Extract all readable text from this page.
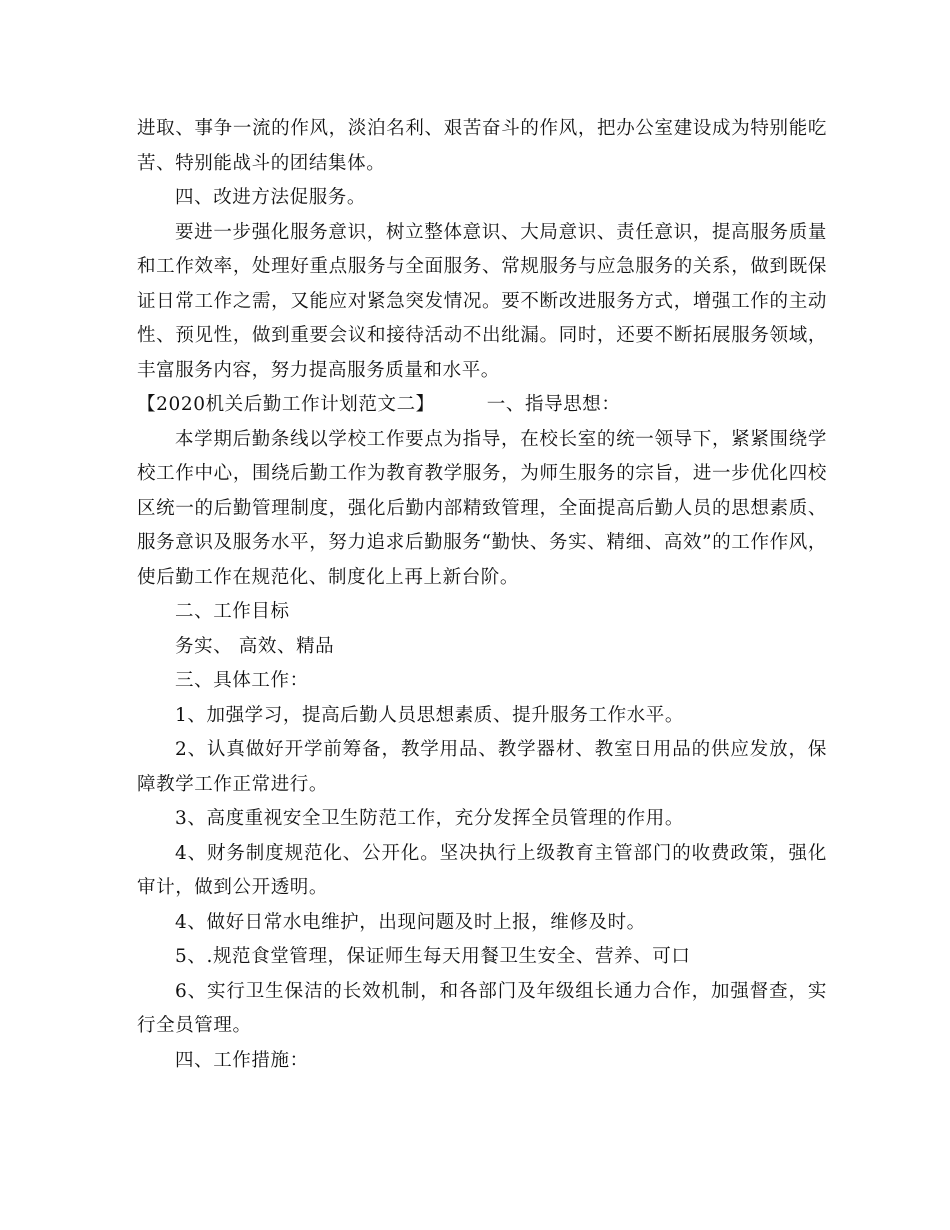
进取、事争一流的作风，淡泊名利、艰苦奋斗的作风，把办公室建设成为特别能吃
苦、特别能战斗的团结集体。
四、改进方法促服务。
要进一步强化服务意识，树立整体意识、大局意识、责任意识，提高服务质量
和工作效率，处理好重点服务与全面服务、常规服务与应急服务的关系，做到既保
证日常工作之需，又能应对紧急突发情况。要不断改进服务方式，增强工作的主动
性、预见性，做到重要会议和接待活动不出纰漏。同时，还要不断拓展服务领域，
丰富服务内容，努力提高服务质量和水平。
【2020机关后勤工作计划范文二】	一、指导思想：
本学期后勤条线以学校工作要点为指导，在校长室的统一领导下，紧紧围绕学
校工作中心，围绕后勤工作为教育教学服务，为师生服务的宗旨，进一步优化四校
区统一的后勤管理制度，强化后勤内部精致管理，全面提高后勤人员的思想素质、
服务意识及服务水平，努力追求后勤服务“勤快、务实、精细、高效”的工作作风，
使后勤工作在规范化、制度化上再上新台阶。
二、工作目标
务实、 高效、精品
三、具体工作：
1、加强学习，提高后勤人员思想素质、提升服务工作水平。
2、认真做好开学前筹备，教学用品、教学器材、教室日用品的供应发放，保
障教学工作正常进行。
3、高度重视安全卫生防范工作，充分发挥全员管理的作用。
4、财务制度规范化、公开化。坚决执行上级教育主管部门的收费政策，强化
审计，做到公开透明。
4、做好日常水电维护，出现问题及时上报，维修及时。
5、.规范食堂管理，保证师生每天用餐卫生安全、营养、可口
6、实行卫生保洁的长效机制，和各部门及年级组长通力合作，加强督查，实
行全员管理。
四、工作措施：
